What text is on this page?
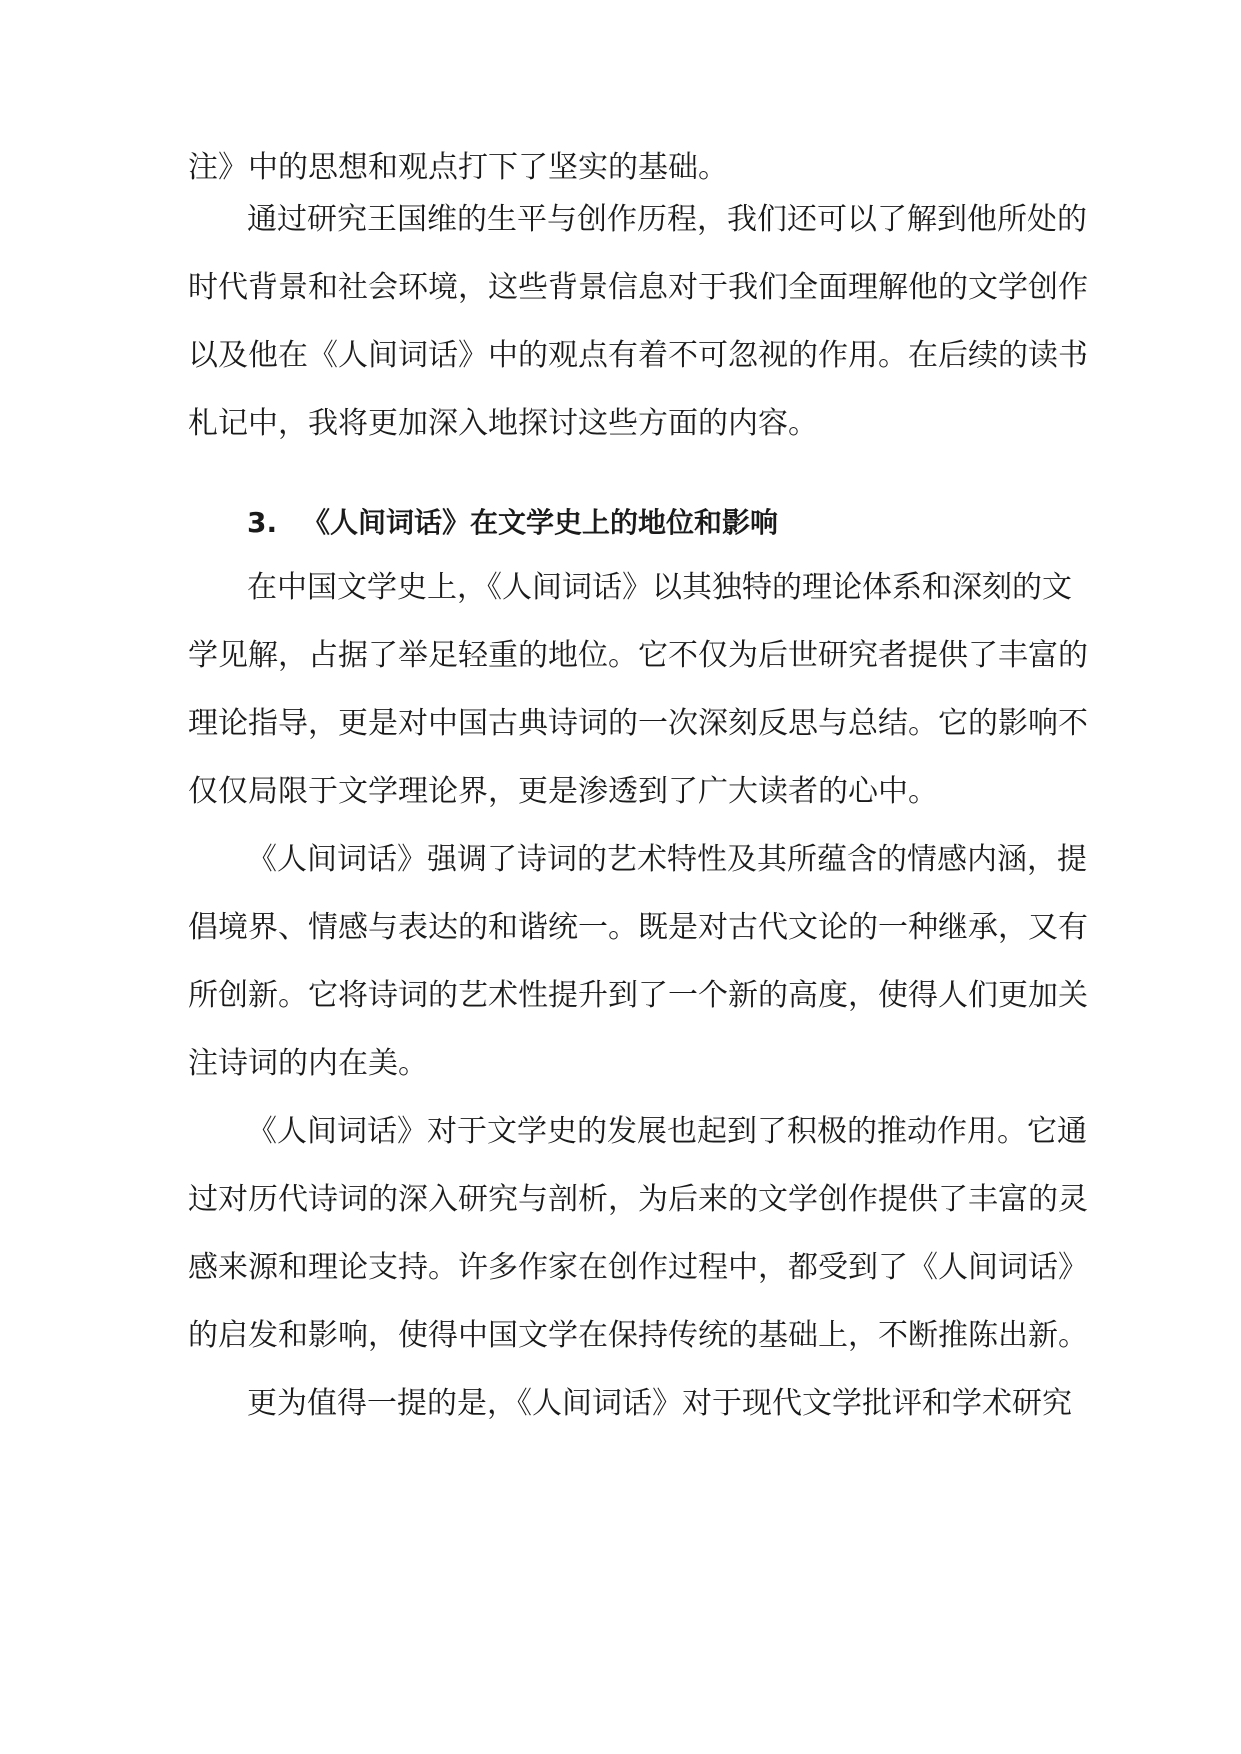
注》中的思想和观点打下了坚实的基础。
通过研究王国维的生平与创作历程，我们还可以了解到他所处的
时代背景和社会环境，这些背景信息对于我们全面理解他的文学创作
以及他在《人间词话》中的观点有着不可忽视的作用。在后续的读书
札记中，我将更加深入地探讨这些方面的内容。
3. 《人间词话》在文学史上的地位和影响
在中国文学史上，《人间词话》以其独特的理论体系和深刻的文
学见解，占据了举足轻重的地位。它不仅为后世研究者提供了丰富的
理论指导，更是对中国古典诗词的一次深刻反思与总结。它的影响不
仅仅局限于文学理论界，更是渗透到了广大读者的心中。
《人间词话》强调了诗词的艺术特性及其所蕴含的情感内涵，提
倡境界、情感与表达的和谐统一。既是对古代文论的一种继承，又有
所创新。它将诗词的艺术性提升到了一个新的高度，使得人们更加关
注诗词的内在美。
《人间词话》对于文学史的发展也起到了积极的推动作用。它通
过对历代诗词的深入研究与剖析，为后来的文学创作提供了丰富的灵
感来源和理论支持。许多作家在创作过程中，都受到了《人间词话》
的启发和影响，使得中国文学在保持传统的基础上，不断推陈出新。
更为值得一提的是，《人间词话》对于现代文学批评和学术研究
